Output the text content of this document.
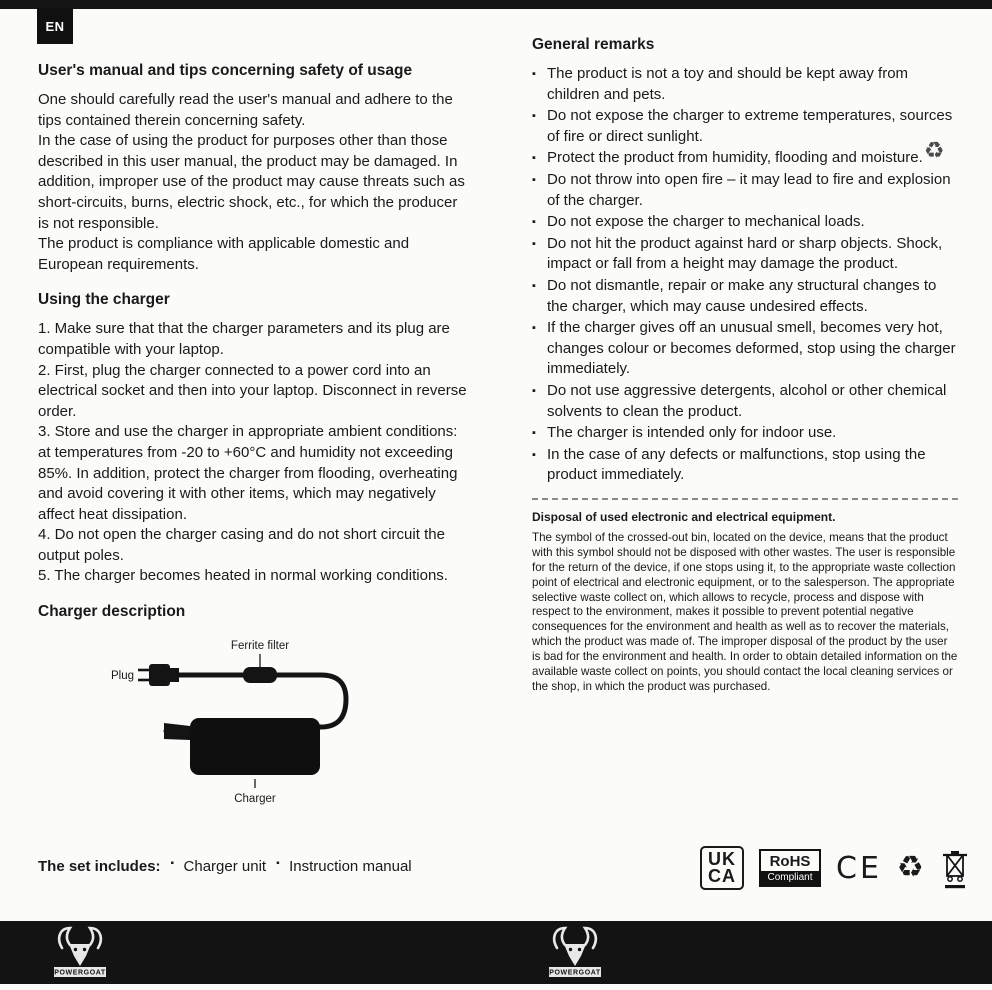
EN
User's manual and tips concerning safety of usage

One should carefully read the user's manual and adhere to the tips contained therein concerning safety.

In the case of using the product for purposes other than those described in this user manual, the product may be damaged. In addition, improper use of the product may cause threats such as short-circuits, burns, electric shock, etc., for which the producer is not responsible.

The product is compliance with applicable domestic and European requirements.

Using the charger
1. Make sure that that the charger parameters and its plug are compatible with your laptop.
2. First, plug the charger connected to a power cord into an electrical socket and then into your laptop. Disconnect in reverse order.
3. Store and use the charger in appropriate ambient conditions: at temperatures from -20 to +60°C and humidity not exceeding 85%. In addition, protect the charger from flooding, overheating and avoid covering it with other items, which may negatively affect heat dissipation.
4. Do not open the charger casing and do not short circuit the output poles.
5. The charger becomes heated in normal working conditions.
Charger description
Ferrite filter
Plug
Charger
The set includes:	▪ Charger unit	▪ Instruction manual
General remarks
▪ The product is not a toy and should be kept away from children and pets.
▪ Do not expose the charger to extreme temperatures, sources of fire or direct sunlight.
▪ Protect the product from humidity, flooding and moisture.
▪ Do not throw into open fire – it may lead to fire and explosion of the charger.
▪ Do not expose the charger to mechanical loads.
▪ Do not hit the product against hard or sharp objects. Shock, impact or fall from a height may damage the product.
▪ Do not dismantle, repair or make any structural changes to the charger, which may cause undesired effects.
▪ If the charger gives off an unusual smell, becomes very hot, changes colour or becomes deformed, stop using the charger immediately.
▪ Do not use aggressive detergents, alcohol or other chemical solvents to clean the product.
▪ The charger is intended only for indoor use.
▪ In the case of any defects or malfunctions, stop using the product immediately.

Disposal of used electronic and electrical equipment.

The symbol of the crossed-out bin, located on the device, means that the product with this symbol should not be disposed with other wastes. The user is responsible for the return of the device, if one stops using it, to the appropriate waste collection point of electrical and electronic equipment, or to the salesperson. The appropriate selective waste collect on, which allows to recycle, process and dispose with respect to the environment, makes it possible to prevent potential negative consequences for the environment and health as well as to recover the materials, which the product was made of. The improper disposal of the product by the user is bad for the environment and health. In order to obtain detailed information on the available waste collect on points, you should contact the local cleaning services or the shop, in which the product was purchased.

♻
UK
CA
RoHS
Compliant CE ♻
POWERGOAT	POWERGOAT
